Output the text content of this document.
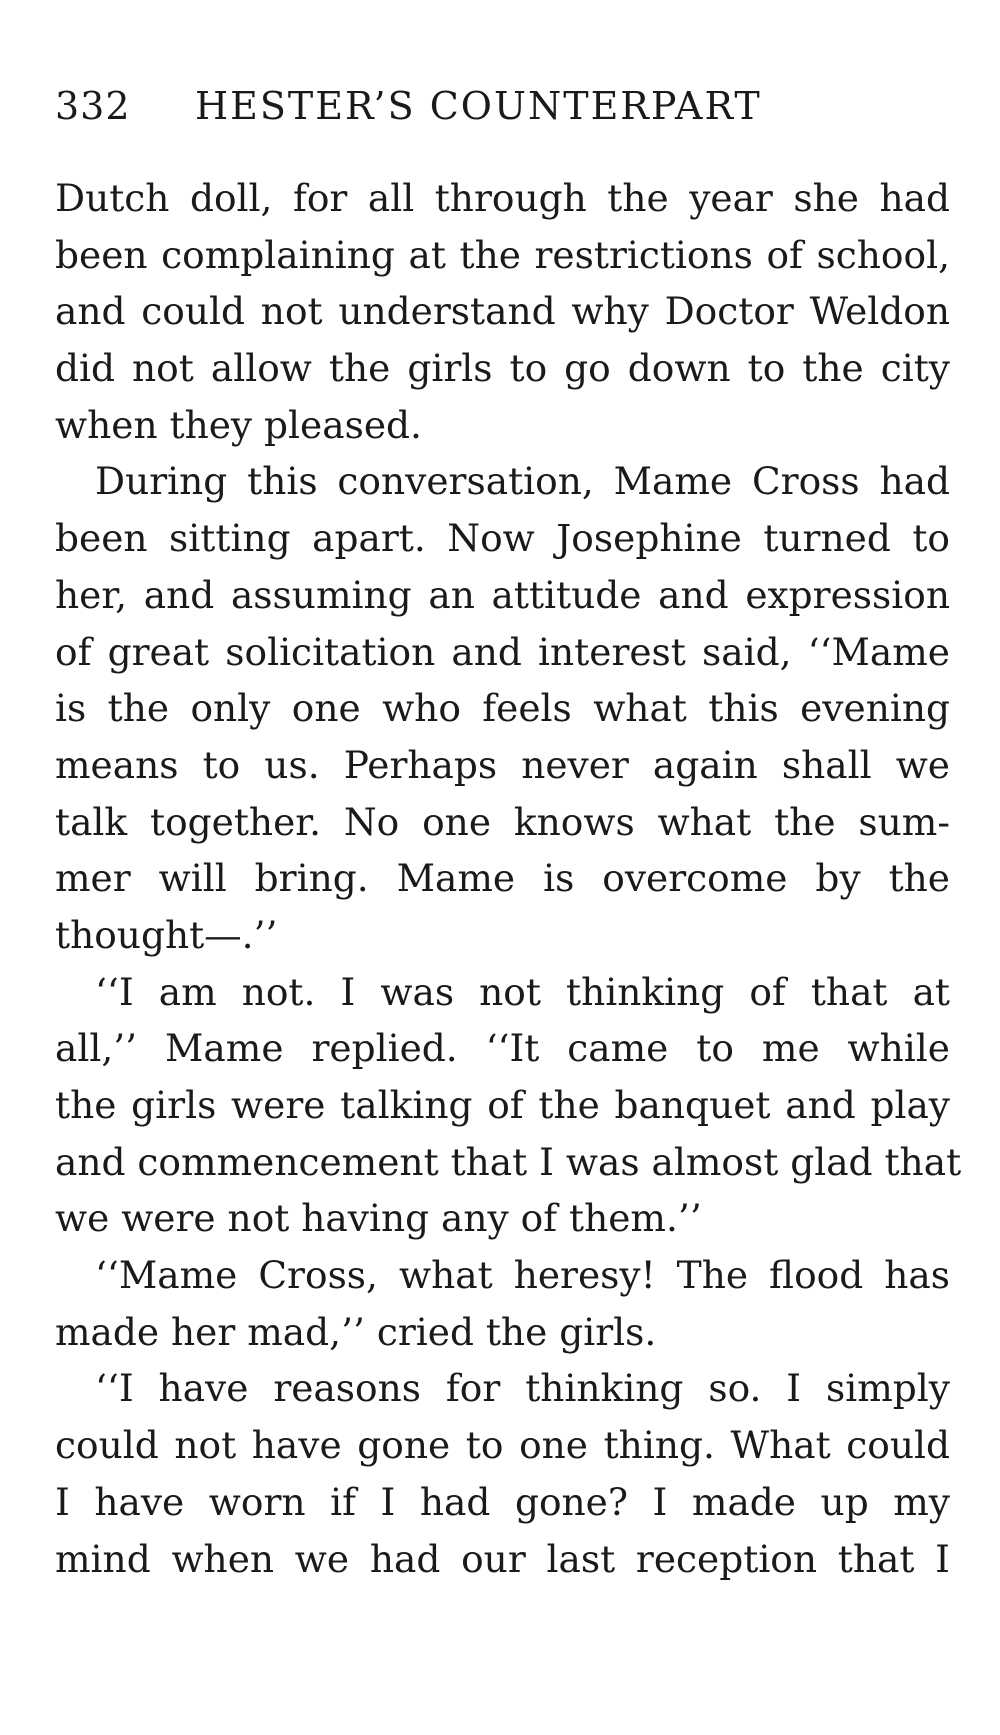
332 HESTER’S COUNTERPART
Dutch doll, for all through the year she had
been complaining at the restrictions of school,
and could not understand why Doctor Weldon
did not allow the girls to go down to the city
when they pleased.
During this conversation, Mame Cross had
been sitting apart. Now Josephine turned to
her, and assuming an attitude and expression
of great solicitation and interest said, ‘‘Mame
is the only one who feels what this evening
means to us. Perhaps never again shall we
talk together. No one knows what the sum-
mer will bring. Mame is overcome by the
thought—.’’
‘‘I am not. I was not thinking of that at
all,’’ Mame replied. ‘‘It came to me while
the girls were talking of the banquet and play
and commencement that I was almost glad that
we were not having any of them.’’
‘‘Mame Cross, what heresy! The flood has
made her mad,’’ cried the girls.
‘‘I have reasons for thinking so. I simply
could not have gone to one thing. What could
I have worn if I had gone? I made up my
mind when we had our last reception that I
